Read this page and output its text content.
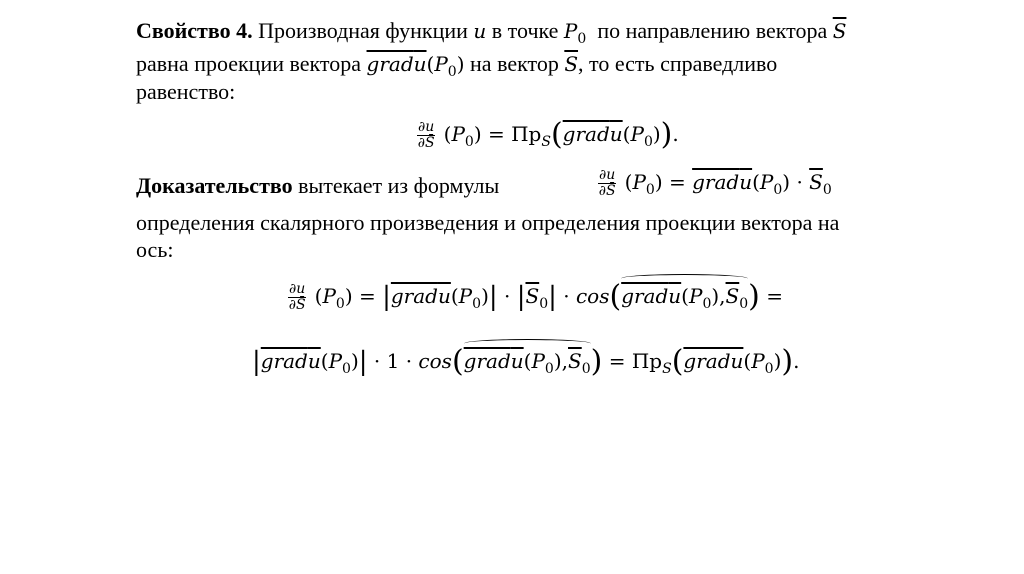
Свойство 4. Производная функции u в точке $P_0$ по направлению вектора $\overline{S}$
равна проекции вектора $gradu(P_0)$ на вектор $\overline{S}$, то есть справедливо
равенство:
$\frac{\partial u}{\partial S̄} (P_0)$ = $Пр_S(gradu(P_0))$.
Доказательство вытекает из формулы	$\frac{\partial u}{\partial S̄} (P_0)$ = $gradu(P_0) \cdot \overline{S}_0$
определения скалярного произведения и определения проекции вектора на
ось:
$\frac{\partial u}{\partial S̄} (P_0)$ = $|gradu(P_0)| \cdot |\overline{S}_0|$ · $\cos(gradu(P_0),\overline{S}_0)$ =
$|gradu(P_0)| \cdot 1$ · $\cos(gradu(P_0),\overline{S}_0)$ = $Пр_S(gradu(P_0))$.
